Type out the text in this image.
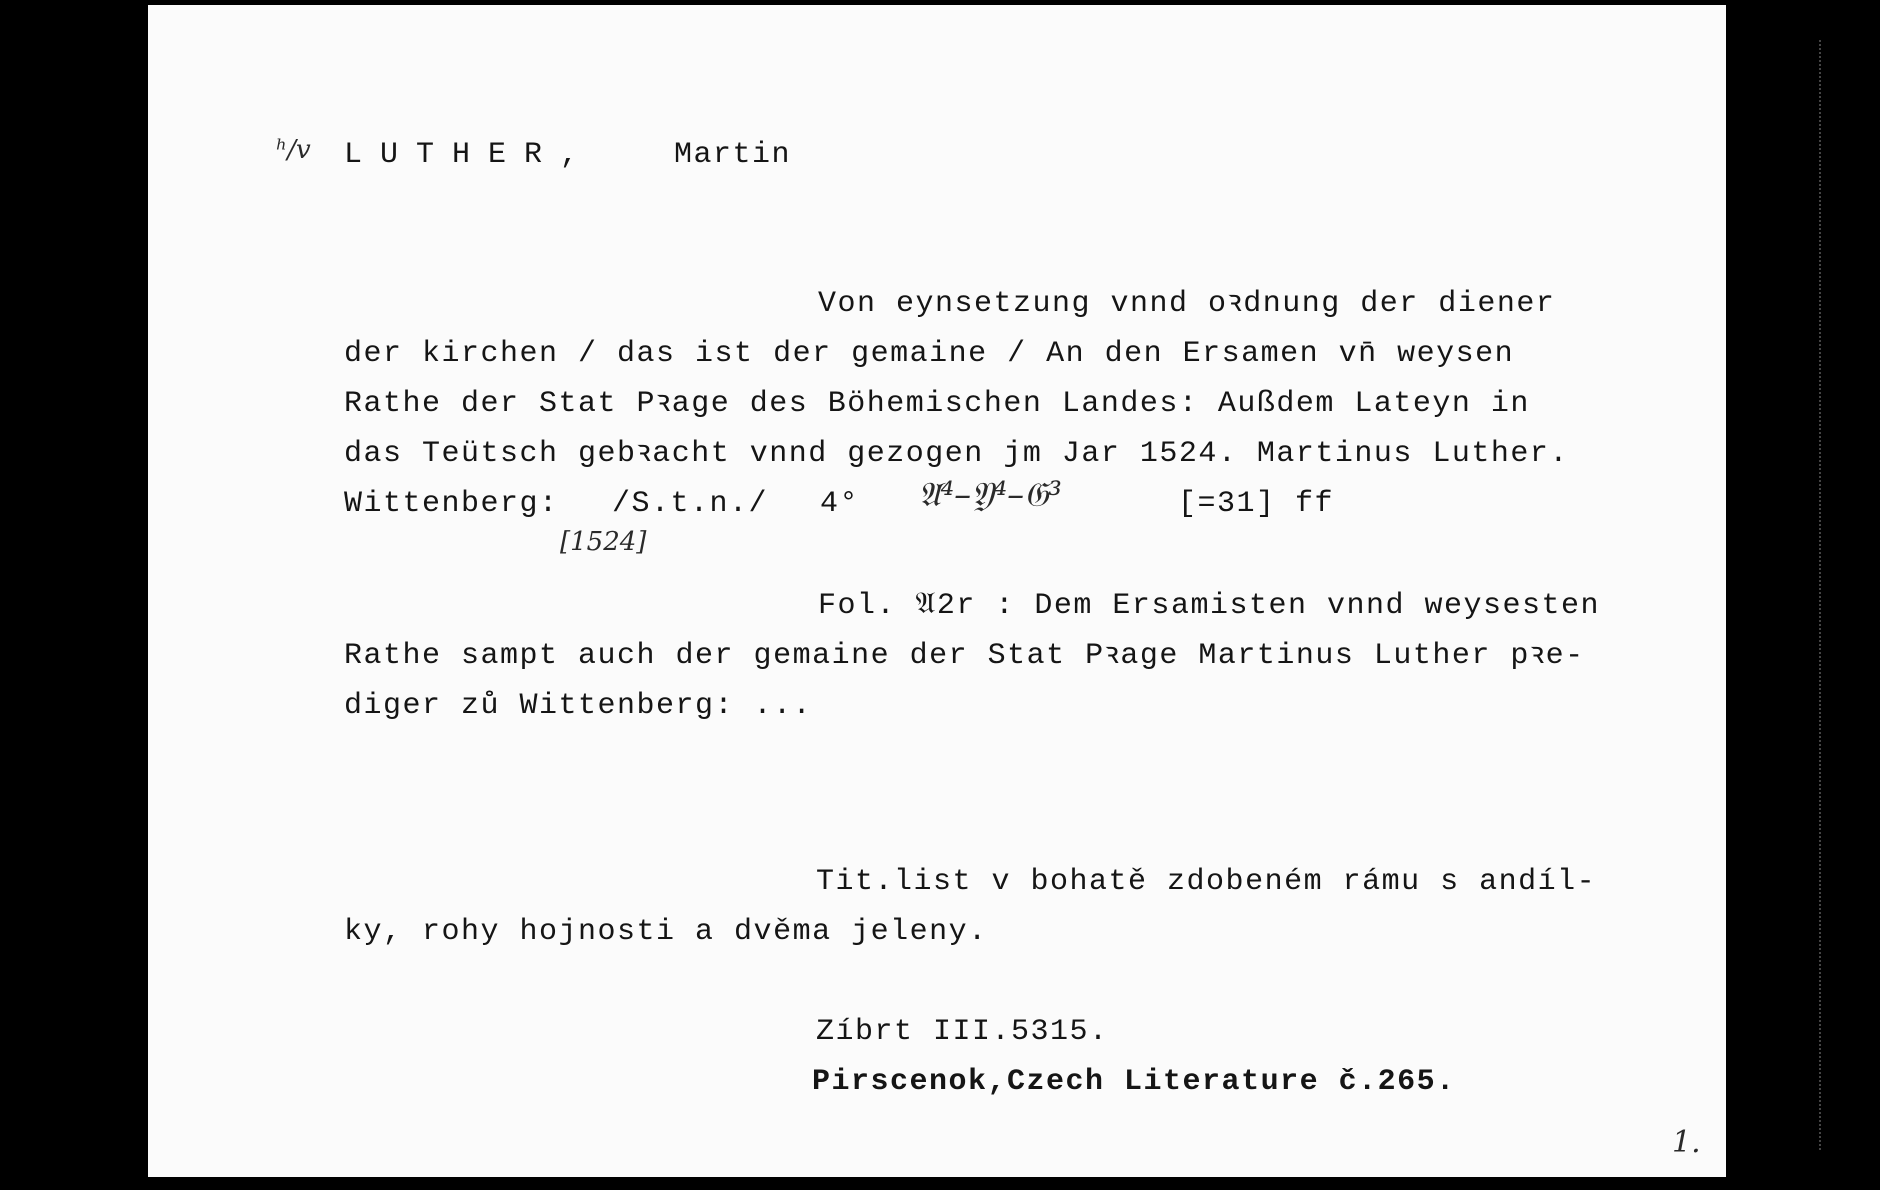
ʰ/v LUTHER,	Martin
Von eynsetzung vnnd oꝛdnung der diener
der kirchen / das ist der gemaine / An den Ersamen vn̄ weysen
Rathe der Stat Pꝛage des Böhemischen Landes: Außdem Lateyn in
das Teütsch gebꝛacht vnnd gezogen jm Jar 1524. Martinus Luther.
Wittenberg: /S.t.n./ 4° 𝔄⁴–𝔜⁴–𝔊³	[=31] ff
[1524]
Fol. 𝔄2r : Dem Ersamisten vnnd weysesten
Rathe sampt auch der gemaine der Stat Pꝛage Martinus Luther pꝛe-
diger zů Wittenberg: ...
Tit.list v bohatě zdobeném rámu s andíl-
ky, rohy hojnosti a dvěma jeleny.
Zíbrt III.5315.
Pirscenok,Czech Literature č.265.
1.
